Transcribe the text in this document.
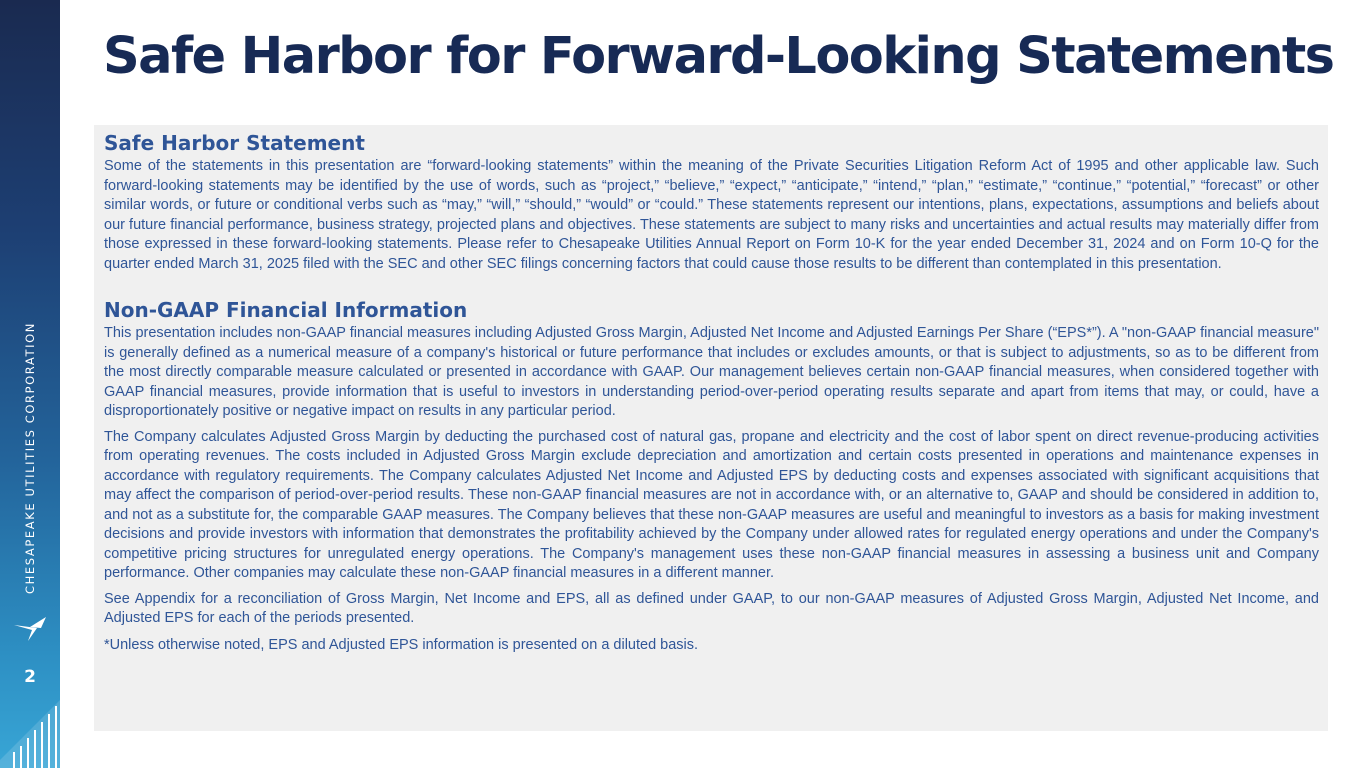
CHESAPEAKE UTILITIES CORPORATION
2
Safe Harbor for Forward-Looking Statements
Safe Harbor Statement

Some of the statements in this presentation are “forward-looking statements” within the meaning of the Private Securities Litigation Reform Act of 1995 and other applicable law. Such forward-looking statements may be identified by the use of words, such as “project,” “believe,” “expect,” “anticipate,” “intend,” “plan,” “estimate,” “continue,” “potential,” “forecast” or other similar words, or future or conditional verbs such as “may,” “will,” “should,” “would” or “could.” These statements represent our intentions, plans, expectations, assumptions and beliefs about our future financial performance, business strategy, projected plans and objectives. These statements are subject to many risks and uncertainties and actual results may materially differ from those expressed in these forward-looking statements. Please refer to Chesapeake Utilities Annual Report on Form 10-K for the year ended December 31, 2024 and on Form 10-Q for the quarter ended March 31, 2025 filed with the SEC and other SEC filings concerning factors that could cause those results to be different than contemplated in this presentation.

Non-GAAP Financial Information

This presentation includes non-GAAP financial measures including Adjusted Gross Margin, Adjusted Net Income and Adjusted Earnings Per Share (“EPS*”). A "non-GAAP financial measure" is generally defined as a numerical measure of a company's historical or future performance that includes or excludes amounts, or that is subject to adjustments, so as to be different from the most directly comparable measure calculated or presented in accordance with GAAP. Our management believes certain non-GAAP financial measures, when considered together with GAAP financial measures, provide information that is useful to investors in understanding period-over-period operating results separate and apart from items that may, or could, have a disproportionately positive or negative impact on results in any particular period.

The Company calculates Adjusted Gross Margin by deducting the purchased cost of natural gas, propane and electricity and the cost of labor spent on direct revenue-producing activities from operating revenues. The costs included in Adjusted Gross Margin exclude depreciation and amortization and certain costs presented in operations and maintenance expenses in accordance with regulatory requirements. The Company calculates Adjusted Net Income and Adjusted EPS by deducting costs and expenses associated with significant acquisitions that may affect the comparison of period-over-period results. These non-GAAP financial measures are not in accordance with, or an alternative to, GAAP and should be considered in addition to, and not as a substitute for, the comparable GAAP measures. The Company believes that these non-GAAP measures are useful and meaningful to investors as a basis for making investment decisions and provide investors with information that demonstrates the profitability achieved by the Company under allowed rates for regulated energy operations and under the Company's competitive pricing structures for unregulated energy operations. The Company's management uses these non-GAAP financial measures in assessing a business unit and Company performance. Other companies may calculate these non-GAAP financial measures in a different manner.

See Appendix for a reconciliation of Gross Margin, Net Income and EPS, all as defined under GAAP, to our non-GAAP measures of Adjusted Gross Margin, Adjusted Net Income, and Adjusted EPS for each of the periods presented.

*Unless otherwise noted, EPS and Adjusted EPS information is presented on a diluted basis.
